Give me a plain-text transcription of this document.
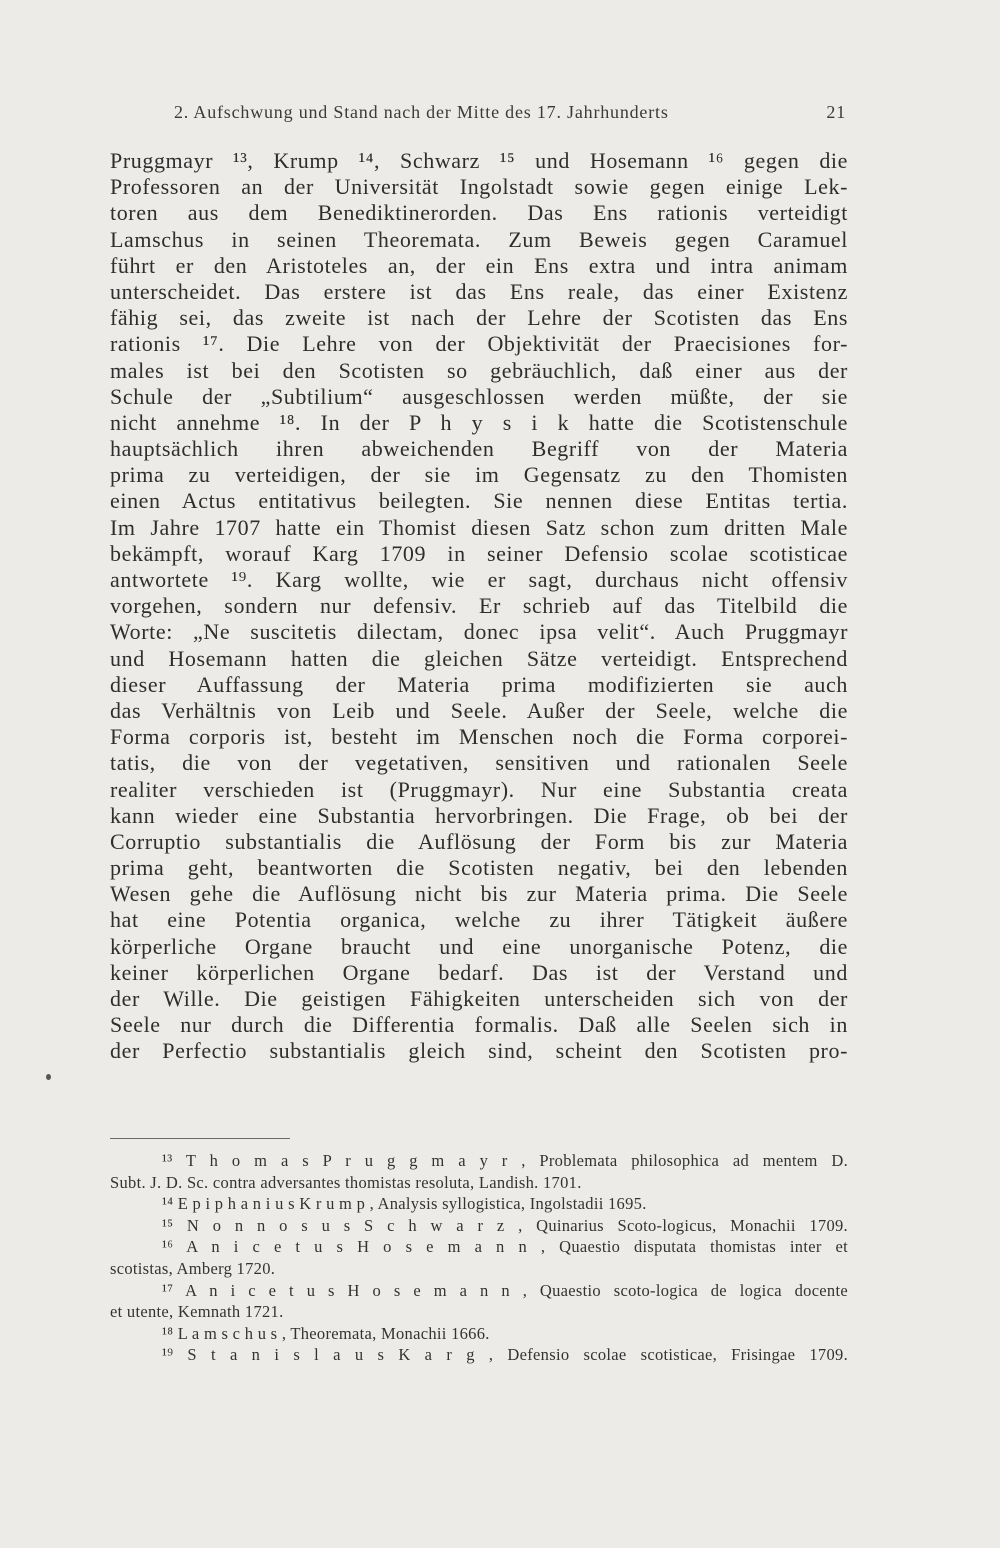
2. Aufschwung und Stand nach der Mitte des 17. Jahrhunderts	21
Pruggmayr ¹³, Krump ¹⁴, Schwarz ¹⁵ und Hosemann ¹⁶ gegen die
Professoren an der Universität Ingolstadt sowie gegen einige Lek-
toren aus dem Benediktinerorden. Das Ens rationis verteidigt
Lamschus in seinen Theoremata. Zum Beweis gegen Caramuel
führt er den Aristoteles an, der ein Ens extra und intra animam
unterscheidet. Das erstere ist das Ens reale, das einer Existenz
fähig sei, das zweite ist nach der Lehre der Scotisten das Ens
rationis ¹⁷. Die Lehre von der Objektivität der Praecisiones for-
males ist bei den Scotisten so gebräuchlich, daß einer aus der
Schule der „Subtilium“ ausgeschlossen werden müßte, der sie
nicht annehme ¹⁸. In der P h y s i k hatte die Scotistenschule
hauptsächlich ihren abweichenden Begriff von der Materia
prima zu verteidigen, der sie im Gegensatz zu den Thomisten
einen Actus entitativus beilegten. Sie nennen diese Entitas tertia.
Im Jahre 1707 hatte ein Thomist diesen Satz schon zum dritten Male
bekämpft, worauf Karg 1709 in seiner Defensio scolae scotisticae
antwortete ¹⁹. Karg wollte, wie er sagt, durchaus nicht offensiv
vorgehen, sondern nur defensiv. Er schrieb auf das Titelbild die
Worte: „Ne suscitetis dilectam, donec ipsa velit“. Auch Pruggmayr
und Hosemann hatten die gleichen Sätze verteidigt. Entsprechend
dieser Auffassung der Materia prima modifizierten sie auch
das Verhältnis von Leib und Seele. Außer der Seele, welche die
Forma corporis ist, besteht im Menschen noch die Forma corporei-
tatis, die von der vegetativen, sensitiven und rationalen Seele
realiter verschieden ist (Pruggmayr). Nur eine Substantia creata
kann wieder eine Substantia hervorbringen. Die Frage, ob bei der
Corruptio substantialis die Auflösung der Form bis zur Materia
prima geht, beantworten die Scotisten negativ, bei den lebenden
Wesen gehe die Auflösung nicht bis zur Materia prima. Die Seele
hat eine Potentia organica, welche zu ihrer Tätigkeit äußere
körperliche Organe braucht und eine unorganische Potenz, die
keiner körperlichen Organe bedarf. Das ist der Verstand und
der Wille. Die geistigen Fähigkeiten unterscheiden sich von der
Seele nur durch die Differentia formalis. Daß alle Seelen sich in
der Perfectio substantialis gleich sind, scheint den Scotisten pro-
¹³ T h o m a s P r u g g m a y r , Problemata philosophica ad mentem D.
Subt. J. D. Sc. contra adversantes thomistas resoluta, Landish. 1701.
¹⁴ E p i p h a n i u s K r u m p , Analysis syllogistica, Ingolstadii 1695.
¹⁵ N o n n o s u s S c h w a r z , Quinarius Scoto-logicus, Monachii 1709.
¹⁶ A n i c e t u s H o s e m a n n , Quaestio disputata thomistas inter et
scotistas, Amberg 1720.
¹⁷ A n i c e t u s H o s e m a n n , Quaestio scoto-logica de logica docente
et utente, Kemnath 1721.
¹⁸ L a m s c h u s , Theoremata, Monachii 1666.
¹⁹ S t a n i s l a u s K a r g , Defensio scolae scotisticae, Frisingae 1709.
